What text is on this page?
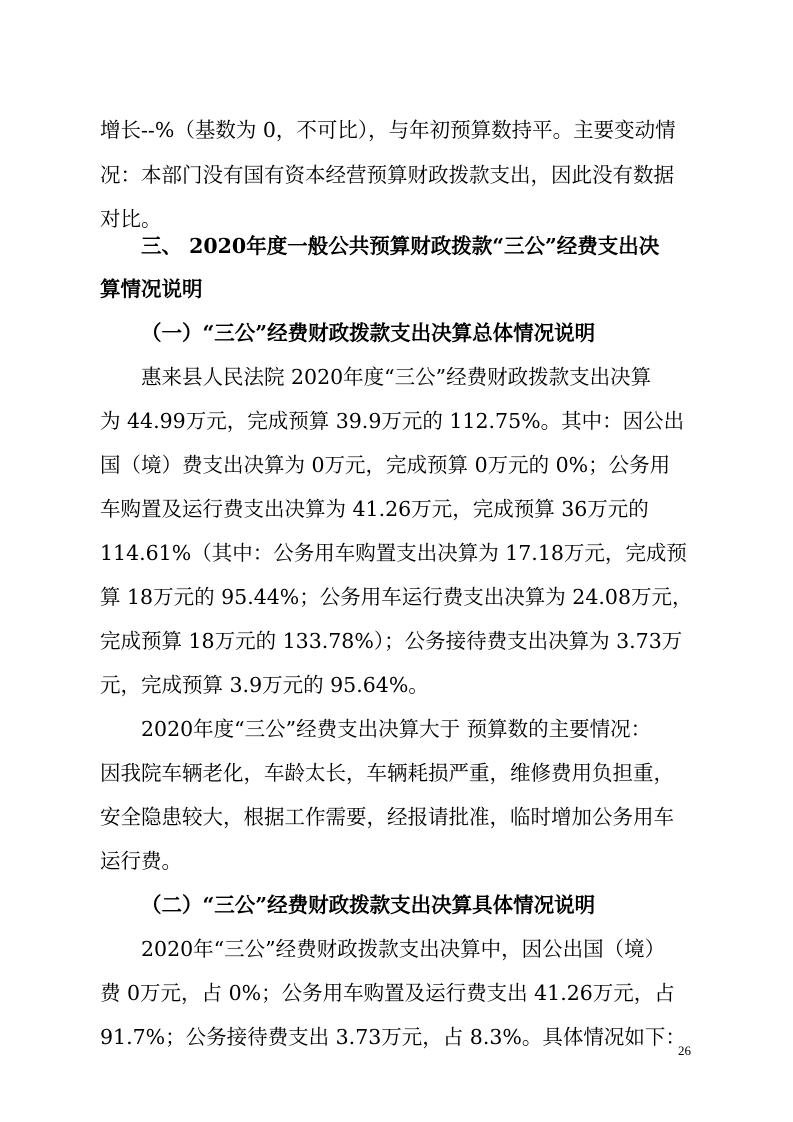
增长--%（基数为 0，不可比），与年初预算数持平。主要变动情
况：本部门没有国有资本经营预算财政拨款支出，因此没有数据
对比。
三、 2020年度一般公共预算财政拨款“三公”经费支出决
算情况说明
（一）“三公”经费财政拨款支出决算总体情况说明
惠来县人民法院 2020年度“三公”经费财政拨款支出决算
为 44.99万元，完成预算 39.9万元的 112.75%。其中：因公出
国（境）费支出决算为 0万元，完成预算 0万元的 0%；公务用
车购置及运行费支出决算为 41.26万元，完成预算 36万元的
114.61%（其中：公务用车购置支出决算为 17.18万元，完成预
算 18万元的 95.44%；公务用车运行费支出决算为 24.08万元，
完成预算 18万元的 133.78%）；公务接待费支出决算为 3.73万
元，完成预算 3.9万元的 95.64%。
2020年度“三公”经费支出决算大于 预算数的主要情况：
因我院车辆老化，车龄太长，车辆耗损严重，维修费用负担重，
安全隐患较大，根据工作需要，经报请批准，临时增加公务用车
运行费。
（二）“三公”经费财政拨款支出决算具体情况说明
2020年“三公”经费财政拨款支出决算中，因公出国（境）
费 0万元，占 0%；公务用车购置及运行费支出 41.26万元，占
91.7%；公务接待费支出 3.73万元，占 8.3%。具体情况如下：
26
